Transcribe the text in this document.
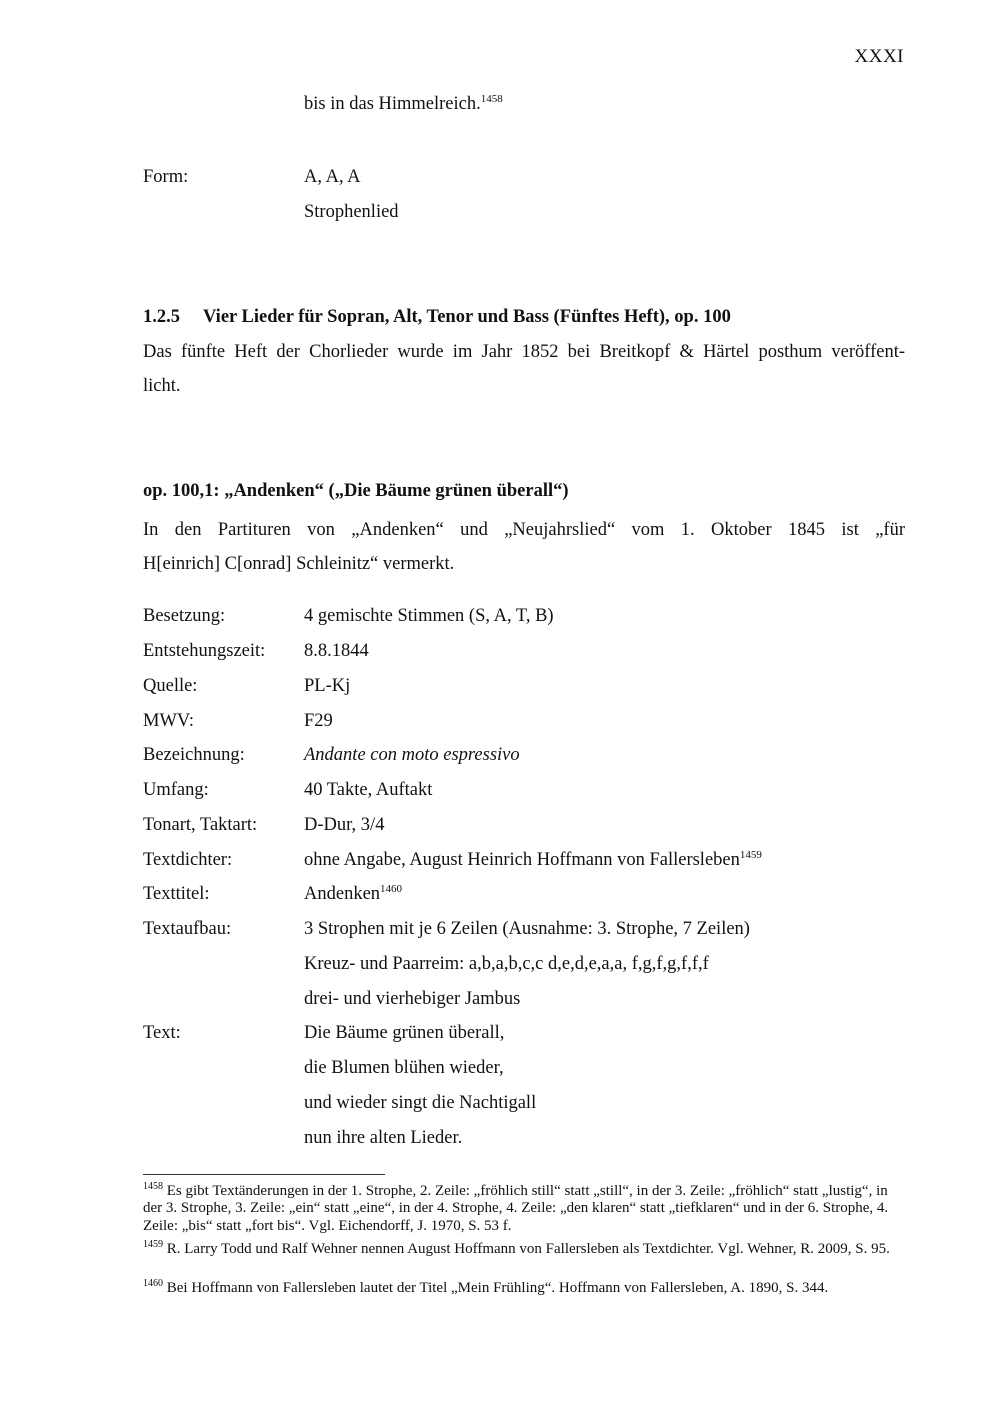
XXXI
bis in das Himmelreich.$^{1458}$
Form:	A, A, A
Strophenlied
1.2.5 Vier Lieder für Sopran, Alt, Tenor und Bass (Fünftes Heft), op. 100
Das fünfte Heft der Chorlieder wurde im Jahr 1852 bei Breitkopf & Härtel posthum veröffent-
licht.
op. 100,1: „Andenken“ („Die Bäume grünen überall“)
In den Partituren von „Andenken“ und „Neujahrslied“ vom 1. Oktober 1845 ist „für
H[einrich] C[onrad] Schleinitz“ vermerkt.
Besetzung:	4 gemischte Stimmen (S, A, T, B)
Entstehungszeit: 8.8.1844
Quelle:	PL-Kj
MWV:	F29
Bezeichnung:	Andante con moto espressivo
Umfang:	40 Takte, Auftakt
Tonart, Taktart:	D-Dur, 3/4
Textdichter:	ohne Angabe, August Heinrich Hoffmann von Fallersleben$^{1459}$
Texttitel:	Andenken$^{1460}$
Textaufbau:	3 Strophen mit je 6 Zeilen (Ausnahme: 3. Strophe, 7 Zeilen)
Kreuz- und Paarreim: a,b,a,b,c,c d,e,d,e,a,a, f,g,f,g,f,f,f
drei- und vierhebiger Jambus
Text:	Die Bäume grünen überall,
die Blumen blühen wieder,
und wieder singt die Nachtigall
nun ihre alten Lieder.
$^{1458}$ Es gibt Textänderungen in der 1. Strophe, 2. Zeile: „fröhlich still“ statt „still“, in der 3. Zeile: „fröhlich“ statt „lustig“, in der 3. Strophe, 3. Zeile: „ein“ statt „eine“, in der 4. Strophe, 4. Zeile: „den klaren“ statt „tiefklaren“ und in der 6. Strophe, 4. Zeile: „bis“ statt „fort bis“. Vgl. Eichendorff, J. 1970, S. 53 f.
$^{1459}$ R. Larry Todd und Ralf Wehner nennen August Hoffmann von Fallersleben als Textdichter. Vgl. Wehner, R. 2009, S. 95.
$^{1460}$ Bei Hoffmann von Fallersleben lautet der Titel „Mein Frühling“. Hoffmann von Fallersleben, A. 1890, S. 344.
